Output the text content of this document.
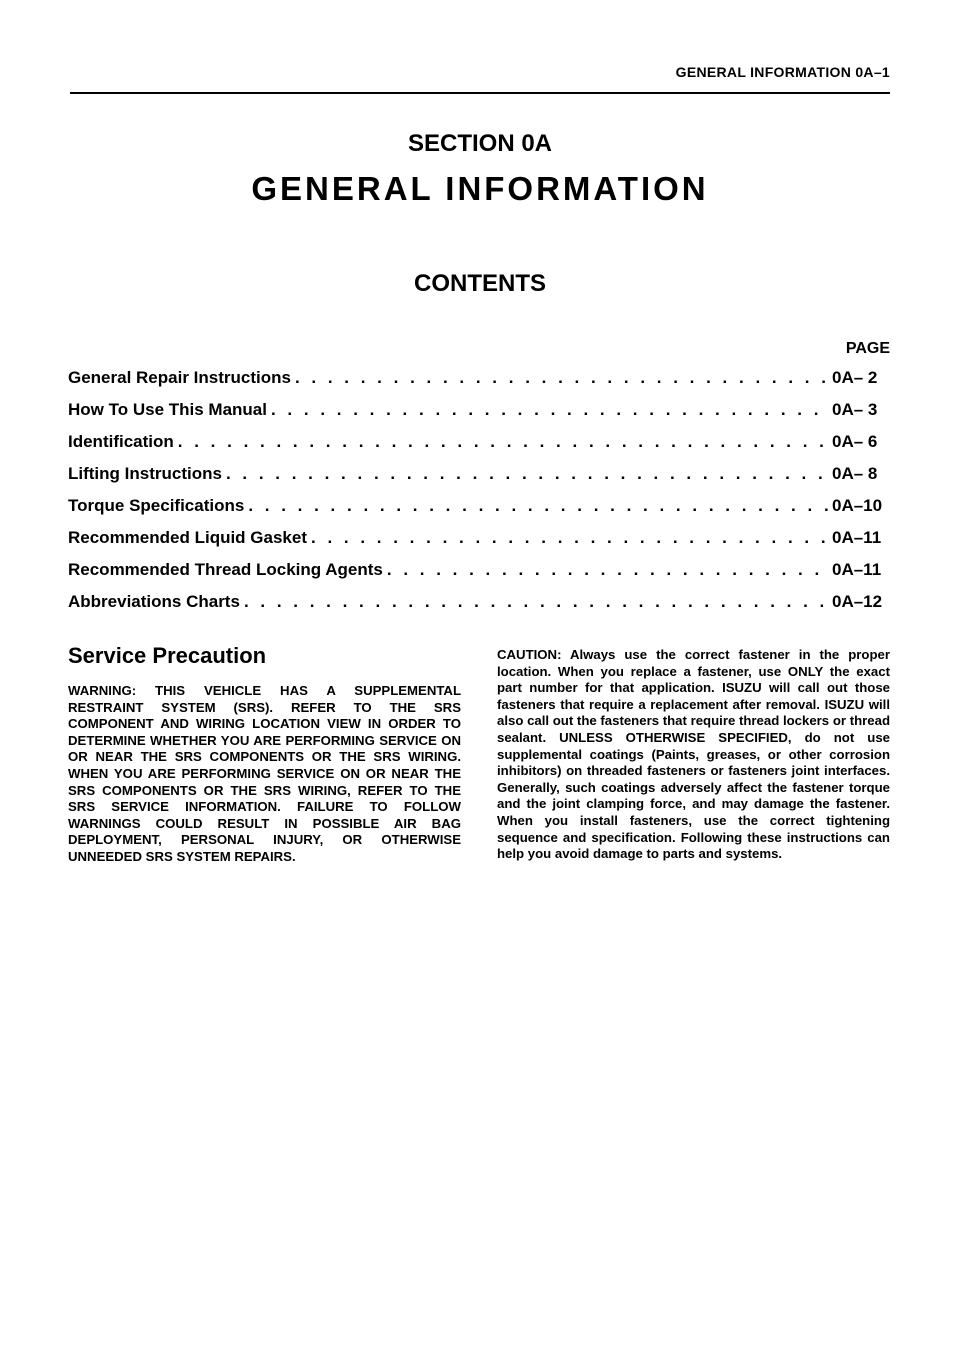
GENERAL INFORMATION 0A–1
SECTION 0A
GENERAL INFORMATION
CONTENTS
PAGE
General Repair Instructions . . .	0A– 2
How To Use This Manual . . .	0A– 3
Identification . . .	0A– 6
Lifting Instructions . . .	0A– 8
Torque Specifications . . .	0A–10
Recommended Liquid Gasket . . .	0A–11
Recommended Thread Locking Agents . . .	0A–11
Abbreviations Charts . . .	0A–12
Service Precaution

WARNING: THIS VEHICLE HAS A SUPPLEMENTAL RESTRAINT SYSTEM (SRS). REFER TO THE SRS COMPONENT AND WIRING LOCATION VIEW IN ORDER TO DETERMINE WHETHER YOU ARE PERFORMING SERVICE ON OR NEAR THE SRS COMPONENTS OR THE SRS WIRING. WHEN YOU ARE PERFORMING SERVICE ON OR NEAR THE SRS COMPONENTS OR THE SRS WIRING, REFER TO THE SRS SERVICE INFORMATION. FAILURE TO FOLLOW WARNINGS COULD RESULT IN POSSIBLE AIR BAG DEPLOYMENT, PERSONAL INJURY, OR OTHERWISE UNNEEDED SRS SYSTEM REPAIRS.

CAUTION: Always use the correct fastener in the proper location. When you replace a fastener, use ONLY the exact part number for that application. ISUZU will call out those fasteners that require a replacement after removal. ISUZU will also call out the fasteners that require thread lockers or thread sealant. UNLESS OTHERWISE SPECIFIED, do not use supplemental coatings (Paints, greases, or other corrosion inhibitors) on threaded fasteners or fasteners joint interfaces. Generally, such coatings adversely affect the fastener torque and the joint clamping force, and may damage the fastener. When you install fasteners, use the correct tightening sequence and specification. Following these instructions can help you avoid damage to parts and systems.
